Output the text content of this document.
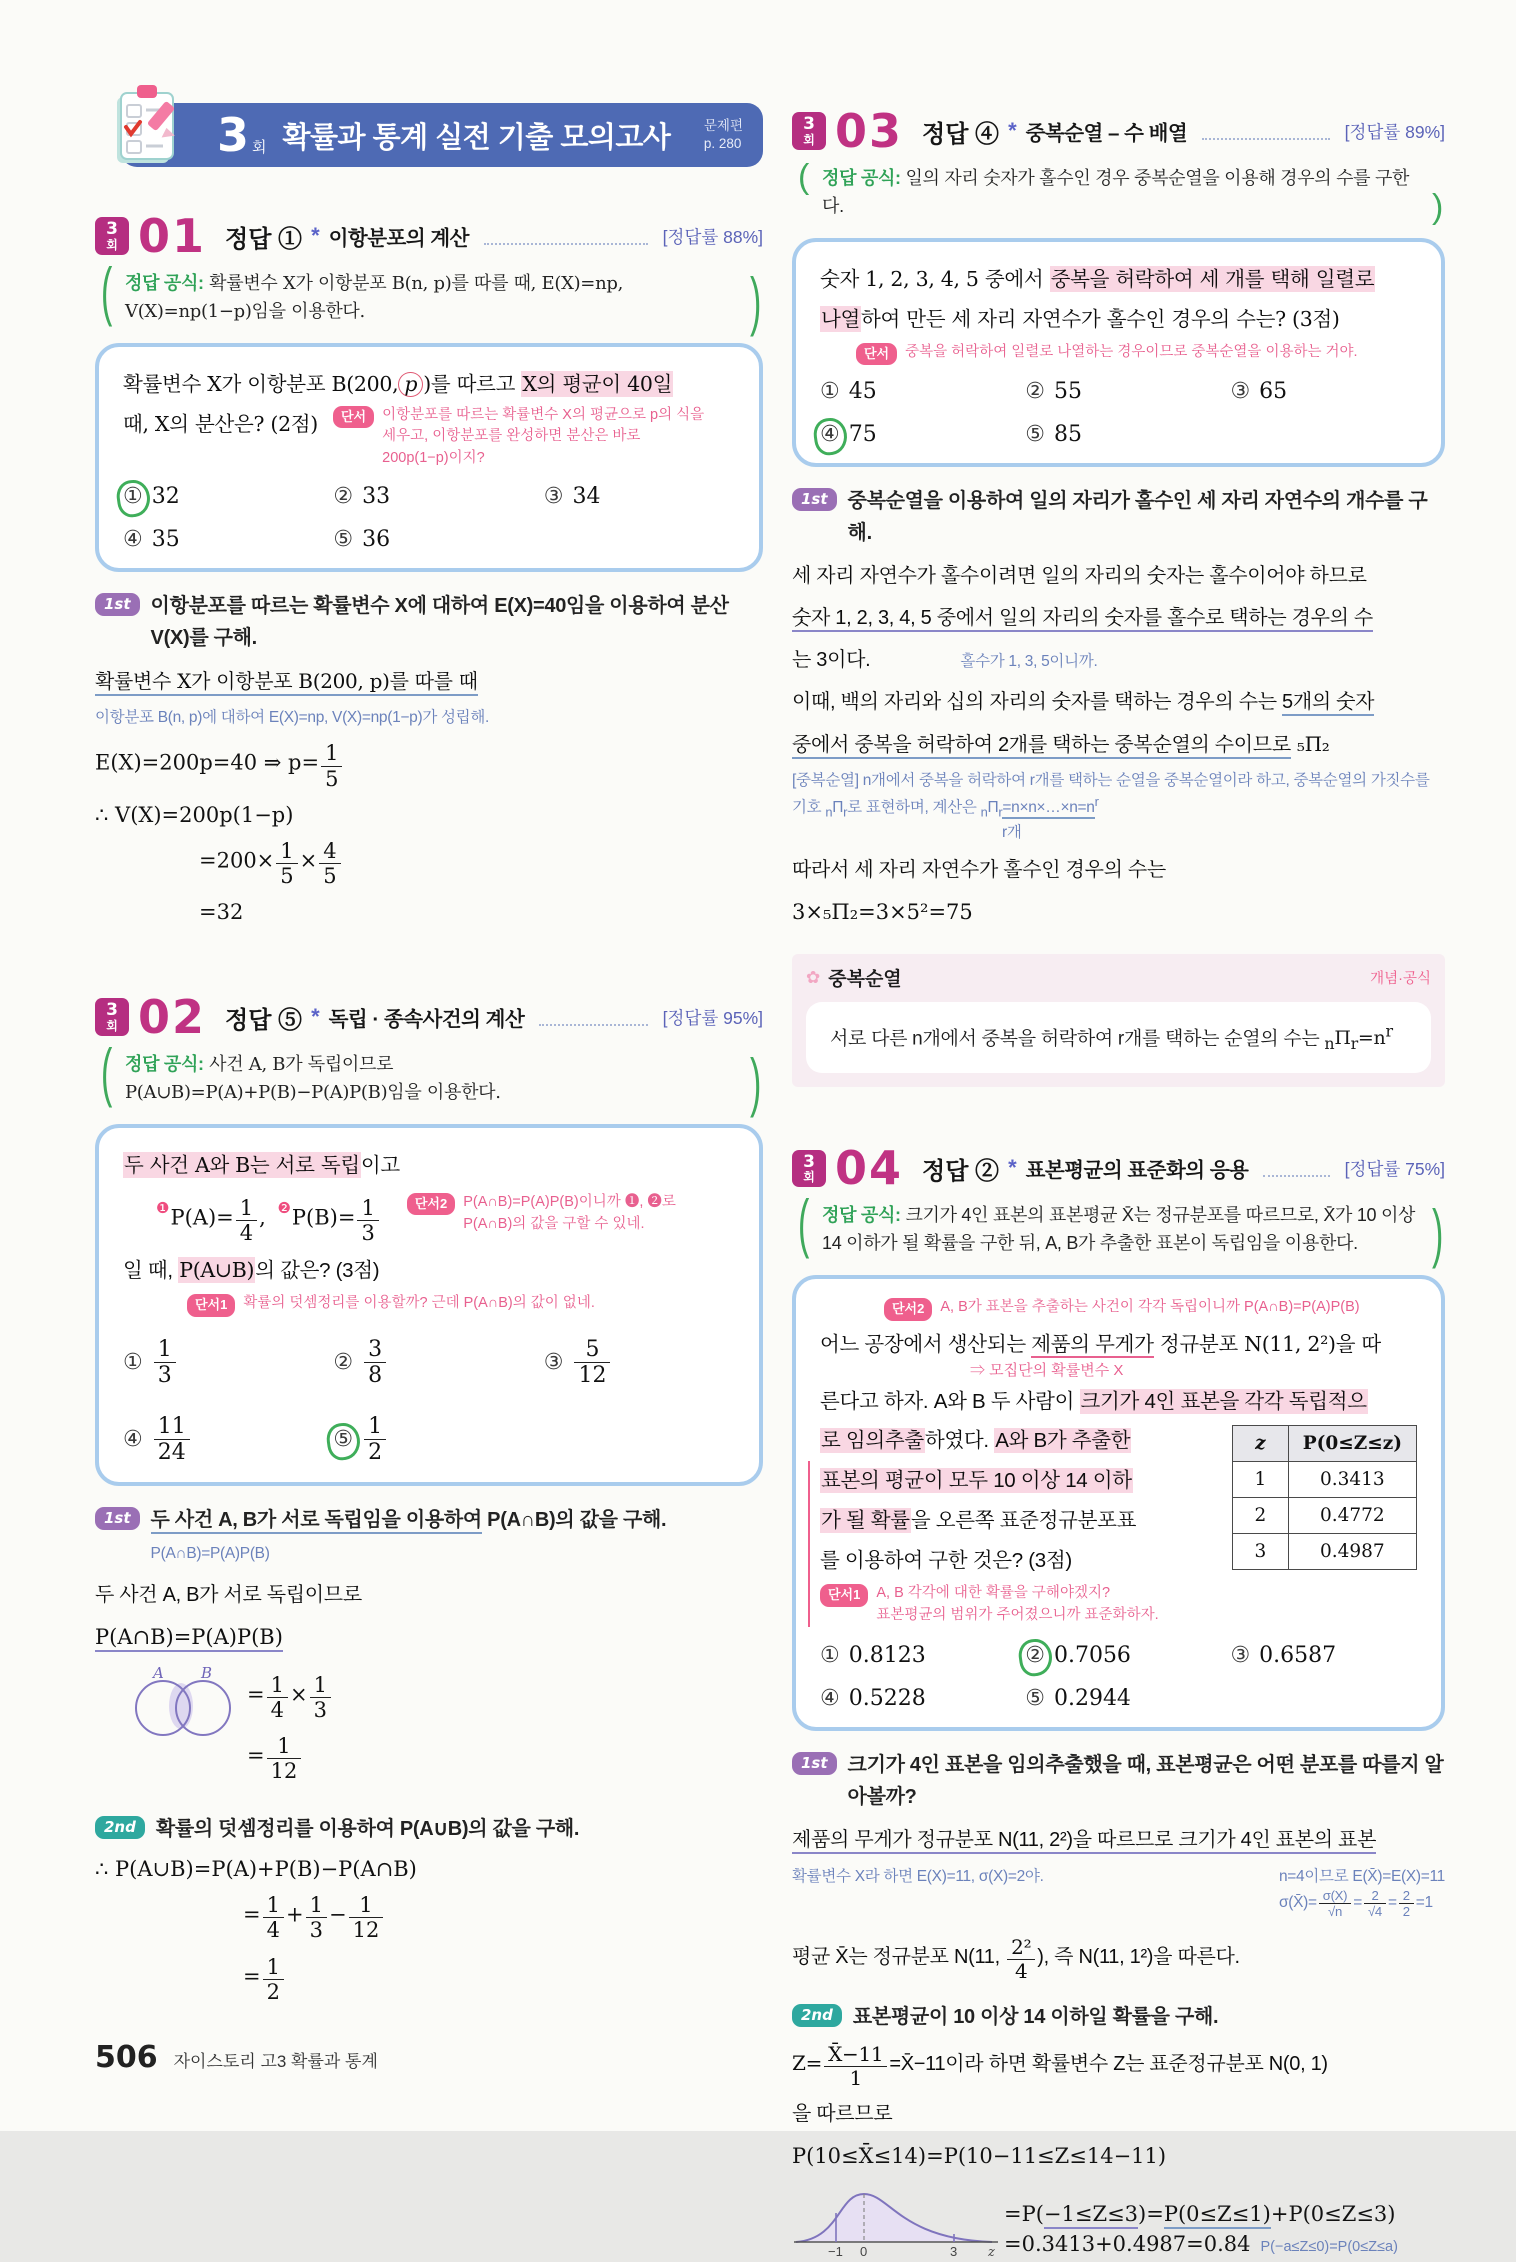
3 회 확률과 통계 실전 기출 모의고사 문제편
p. 280
3
회 01 정답 ① * 이항분포의 계산	[정답률 88%]
( 정답 공식: 확률변수 X가 이항분포 B(n, p)를 따를 때, E(X)=np,
V(X)=np(1−p)임을 이용한다.	)
확률변수 X가 이항분포 B(200, p )를 따르고 X의 평균이 40일
때, X의 분산은? (2점)	단서	이항분포를 따르는 확률변수 X의 평균으로 p의 식을
세우고, 이항분포를 완성하면 분산은 바로
200p(1−p)이지?
① 32	② 33	③ 34
④ 35	⑤ 36
1st	이항분포를 따르는 확률변수 X에 대하여 E(X)=40임을 이용하여 분산 V(X)를 구해.
확률변수 X가 이항분포 B(200, p)를 따를 때
이항분포 B(n, p)에 대하여 E(X)=np, V(X)=np(1−p)가 성립해.
E(X)=200p=40 ⇒ $p= \frac{1}{5}$
∴ V(X)=200p(1−p)
$=200\times \frac{1}{5} \times \frac{4}{5}$
=32
3
회 02 정답 ⑤ * 독립 · 종속사건의 계산	[정답률 95%]
( 정답 공식: 사건 A, B가 독립이므로
P(A∪B)=P(A)+P(B)−P(A)P(B)임을 이용한다.	)
두 사건 A와 B는 서로 독립이고
$^❶P(A)= \frac{1}{4}$ , $^❷P(B)= \frac{1}{3}$	단서2	P(A∩B)=P(A)P(B)이니까 ❶, ❷로
P(A∩B)의 값을 구할 수 있네.
일 때, P(A∪B)의 값은? (3점)
단서1	확률의 덧셈정리를 이용할까? 근데 P(A∩B)의 값이 없네.
① $\frac{1}{3}$	② $\frac{3}{8}$	③ $\frac{5}{12}$
④ $\frac{11}{24}$	⑤ $\frac{1}{2}$
1st	두 사건 A, B가 서로 독립임을 이용하여 P(A∩B)의 값을 구해.
P(A∩B)=P(A)P(B)
두 사건 A, B가 서로 독립이므로
P(A∩B)=P(A)P(B)
A B
= $\frac{1}{4} \times \frac{1}{3}$
= $\frac{1}{12}$
2nd	확률의 덧셈정리를 이용하여 P(A∪B)의 값을 구해.
∴ P(A∪B)=P(A)+P(B)−P(A∩B)
= $\frac{1}{4} + \frac{1}{3} - \frac{1}{12}$
= $\frac{1}{2}$
3
회 03 정답 ④ * 중복순열 – 수 배열	[정답률 89%]
( 정답 공식: 일의 자리 숫자가 홀수인 경우 중복순열을 이용해 경우의 수를 구한다.	)
숫자 1, 2, 3, 4, 5 중에서 중복을 허락하여 세 개를 택해 일렬로
나열하여 만든 세 자리 자연수가 홀수인 경우의 수는? (3점)
단서	중복을 허락하여 일렬로 나열하는 경우이므로 중복순열을 이용하는 거야.
① 45	② 55	③ 65
④ 75	⑤ 85
1st	중복순열을 이용하여 일의 자리가 홀수인 세 자리 자연수의 개수를 구해.
세 자리 자연수가 홀수이려면 일의 자리의 숫자는 홀수이어야 하므로
숫자 1, 2, 3, 4, 5 중에서 일의 자리의 숫자를 홀수로 택하는 경우의 수
는 3이다.	홀수가 1, 3, 5이니까.
이때, 백의 자리와 십의 자리의 숫자를 택하는 경우의 수는 5개의 숫자
중에서 중복을 허락하여 2개를 택하는 중복순열의 수이므로 ₅Π₂
[중복순열] n개에서 중복을 허락하여 r개를 택하는 순열을 중복순열이라 하고, 중복순열의 가짓수를
기호 $_n\Pi_r$로 표현하며, 계산은 $_n\Pi_r=n\times n\times\dots\times n=n^r$
r개
따라서 세 자리 자연수가 홀수인 경우의 수는
3×₅Π₂=3×5²=75
✿ 중복순열	개념·공식
서로 다른 n개에서 중복을 허락하여 r개를 택하는 순열의 수는 $_n\Pi_r=n^r$
3
회 04 정답 ② * 표본평균의 표준화의 응용	[정답률 75%]
( 정답 공식: 크기가 4인 표본의 표본평균 X̄는 정규분포를 따르므로, X̄가 10 이상
14 이하가 될 확률을 구한 뒤, A, B가 추출한 표본이 독립임을 이용한다. )
단서2	A, B가 표본을 추출하는 사건이 각각 독립이니까 P(A∩B)=P(A)P(B)
어느 공장에서 생산되는 제품의 무게가 정규분포 N(11, 2²)을 따
⇒ 모집단의 확률변수 X
른다고 하자. A와 B 두 사람이 크기가 4인 표본을 각각 독립적으
z	P(0≤Z≤z)
1	0.3413
2	0.4772
3	0.4987
로 임의추출하였다. A와 B가 추출한
표본의 평균이 모두 10 이상 14 이하
가 될 확률을 오른쪽 표준정규분포표
를 이용하여 구한 것은? (3점)
단서1	A, B 각각에 대한 확률을 구해야겠지?
표본평균의 범위가 주어졌으니까 표준화하자.
① 0.8123	② 0.7056	③ 0.6587
④ 0.5228	⑤ 0.2944
1st	크기가 4인 표본을 임의추출했을 때, 표본평균은 어떤 분포를 따를지 알아볼까?
제품의 무게가 정규분포 N(11, 2²)을 따르므로 크기가 4인 표본의 표본
확률변수 X라 하면 E(X)=11, σ(X)=2야.	n=4이므로 E(X̄)=E(X)=11
σ(X̄)= $\frac{\sigma(X)}{√n} = \frac{2}{√4} = \frac{2}{2} =1$
평균 X̄는 정규분포 N(11, $\frac{\text{2²}}{4}$ ), 즉 N(11, 1²)을 따른다.
2nd	표본평균이 10 이상 14 이하일 확률을 구해.
$Z= \frac{X̄-11}{1}$ =X̄−11이라 하면 확률변수 Z는 표준정규분포 N(0, 1)
을 따르므로
P(10≤X̄≤14)=P(10−11≤Z≤14−11)
−1 0	3 z
=P(−1≤Z≤3)=P(0≤Z≤1)+P(0≤Z≤3)
=0.3413+0.4987=0.84 P(−a≤Z≤0)=P(0≤Z≤a)
506 자이스토리 고3 확률과 통계
